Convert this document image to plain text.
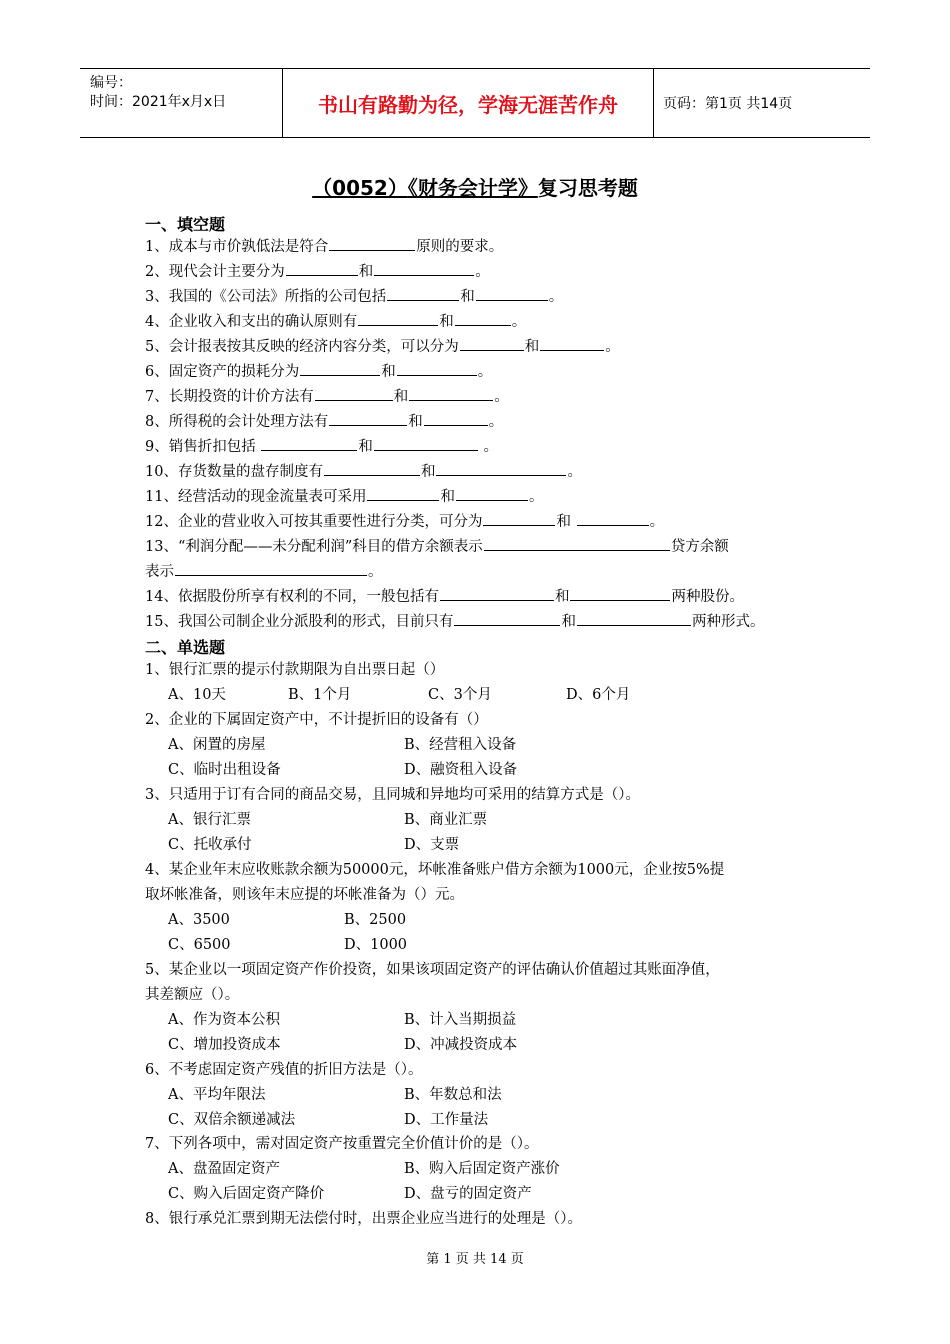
编号：
时间：2021年x月x日	书山有路勤为径，学海无涯苦作舟	页码：第1页 共14页
（0052）《财务会计学》复习思考题
一、填空题
1、成本与市价孰低法是符合	原则的要求。
2、现代会计主要分为	和	。
3、我国的《公司法》所指的公司包括	和	。
4、企业收入和支出的确认原则有	和	。
5、会计报表按其反映的经济内容分类，可以分为	和	。
6、固定资产的损耗分为	和	。
7、长期投资的计价方法有	和	。
8、所得税的会计处理方法有	和	。
9、销售折扣包括	和	。
10、存货数量的盘存制度有	和	。
11、经营活动的现金流量表可采用	和	。
12、企业的营业收入可按其重要性进行分类，可分为	和	。
13、“利润分配——未分配利润”科目的借方余额表示	贷方余额
表示	。
14、依据股份所享有权利的不同，一般包括有	和	两种股份。
15、我国公司制企业分派股利的形式，目前只有	和	两种形式。
二、单选题
1、银行汇票的提示付款期限为自出票日起（）
A、10天	B、1个月	C、3个月	D、6个月
2、企业的下属固定资产中，不计提折旧的设备有（）
A、闲置的房屋	B、经营租入设备
C、临时出租设备	D、融资租入设备
3、只适用于订有合同的商品交易，且同城和异地均可采用的结算方式是（）。
A、银行汇票	B、商业汇票
C、托收承付	D、支票
4、某企业年末应收账款余额为50000元，坏帐准备账户借方余额为1000元，企业按5%提
取坏帐准备，则该年末应提的坏帐准备为（）元。
A、3500	B、2500
C、6500	D、1000
5、某企业以一项固定资产作价投资，如果该项固定资产的评估确认价值超过其账面净值，
其差额应（）。
A、作为资本公积	B、计入当期损益
C、增加投资成本	D、冲减投资成本
6、不考虑固定资产残值的折旧方法是（）。
A、平均年限法	B、年数总和法
C、双倍余额递减法	D、工作量法
7、下列各项中，需对固定资产按重置完全价值计价的是（）。
A、盘盈固定资产	B、购入后固定资产涨价
C、购入后固定资产降价	D、盘亏的固定资产
8、银行承兑汇票到期无法偿付时，出票企业应当进行的处理是（）。
第 1 页 共 14 页
